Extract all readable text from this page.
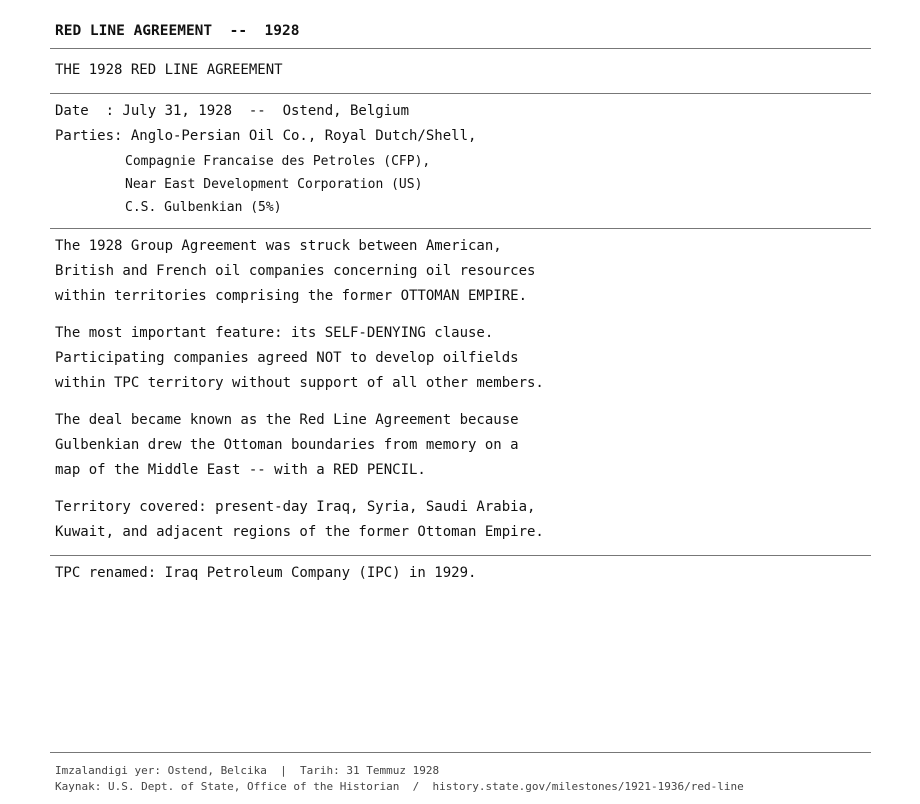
RED LINE AGREEMENT  --  1928
THE 1928 RED LINE AGREEMENT
Date  : July 31, 1928  --  Ostend, Belgium
Parties: Anglo-Persian Oil Co., Royal Dutch/Shell,
Compagnie Francaise des Petroles (CFP),
Near East Development Corporation (US)
C.S. Gulbenkian (5%)
The 1928 Group Agreement was struck between American,
British and French oil companies concerning oil resources
within territories comprising the former OTTOMAN EMPIRE.
The most important feature: its SELF-DENYING clause.
Participating companies agreed NOT to develop oilfields
within TPC territory without support of all other members.
The deal became known as the Red Line Agreement because
Gulbenkian drew the Ottoman boundaries from memory on a
map of the Middle East -- with a RED PENCIL.
Territory covered: present-day Iraq, Syria, Saudi Arabia,
Kuwait, and adjacent regions of the former Ottoman Empire.
TPC renamed: Iraq Petroleum Company (IPC) in 1929.
Imzalandigi yer: Ostend, Belcika  |  Tarih: 31 Temmuz 1928
Kaynak: U.S. Dept. of State, Office of the Historian  /  history.state.gov/milestones/1921-1936/red-line
